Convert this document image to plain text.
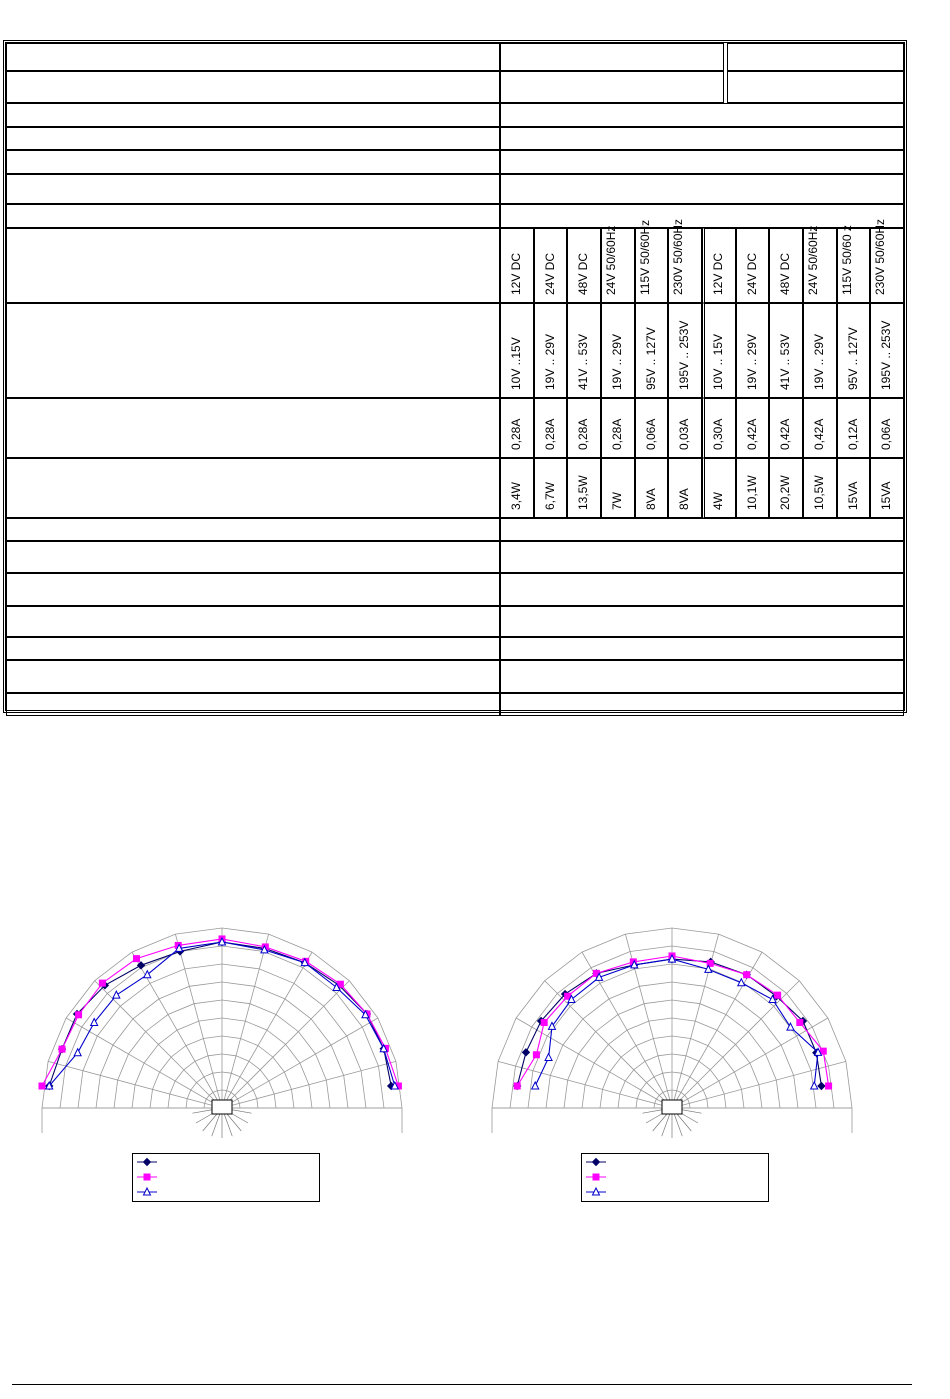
12V DC 24V DC 48V DC 24V 50/60Hz 115V 50/60Hz 230V 50/60Hz 12V DC 24V DC 48V DC 24V 50/60Hz 115V 50/60 z 230V 50/60Hz
10V ..15V 19V .. 29V 41V .. 53V 19V .. 29V 95V .. 127V 195V .. 253V 10V .. 15V 19V .. 29V 41V .. 53V 19V .. 29V 95V .. 127V 195V .. 253V
0,28A 0,28A 0,28A 0,28A 0,06A 0,03A 0,30A 0,42A 0,42A 0,42A 0,12A 0,06A
3,4W 6,7W 13,5W 7W 8VA 8VA 4W 10,1W 20,2W 10,5W 15VA 15VA
